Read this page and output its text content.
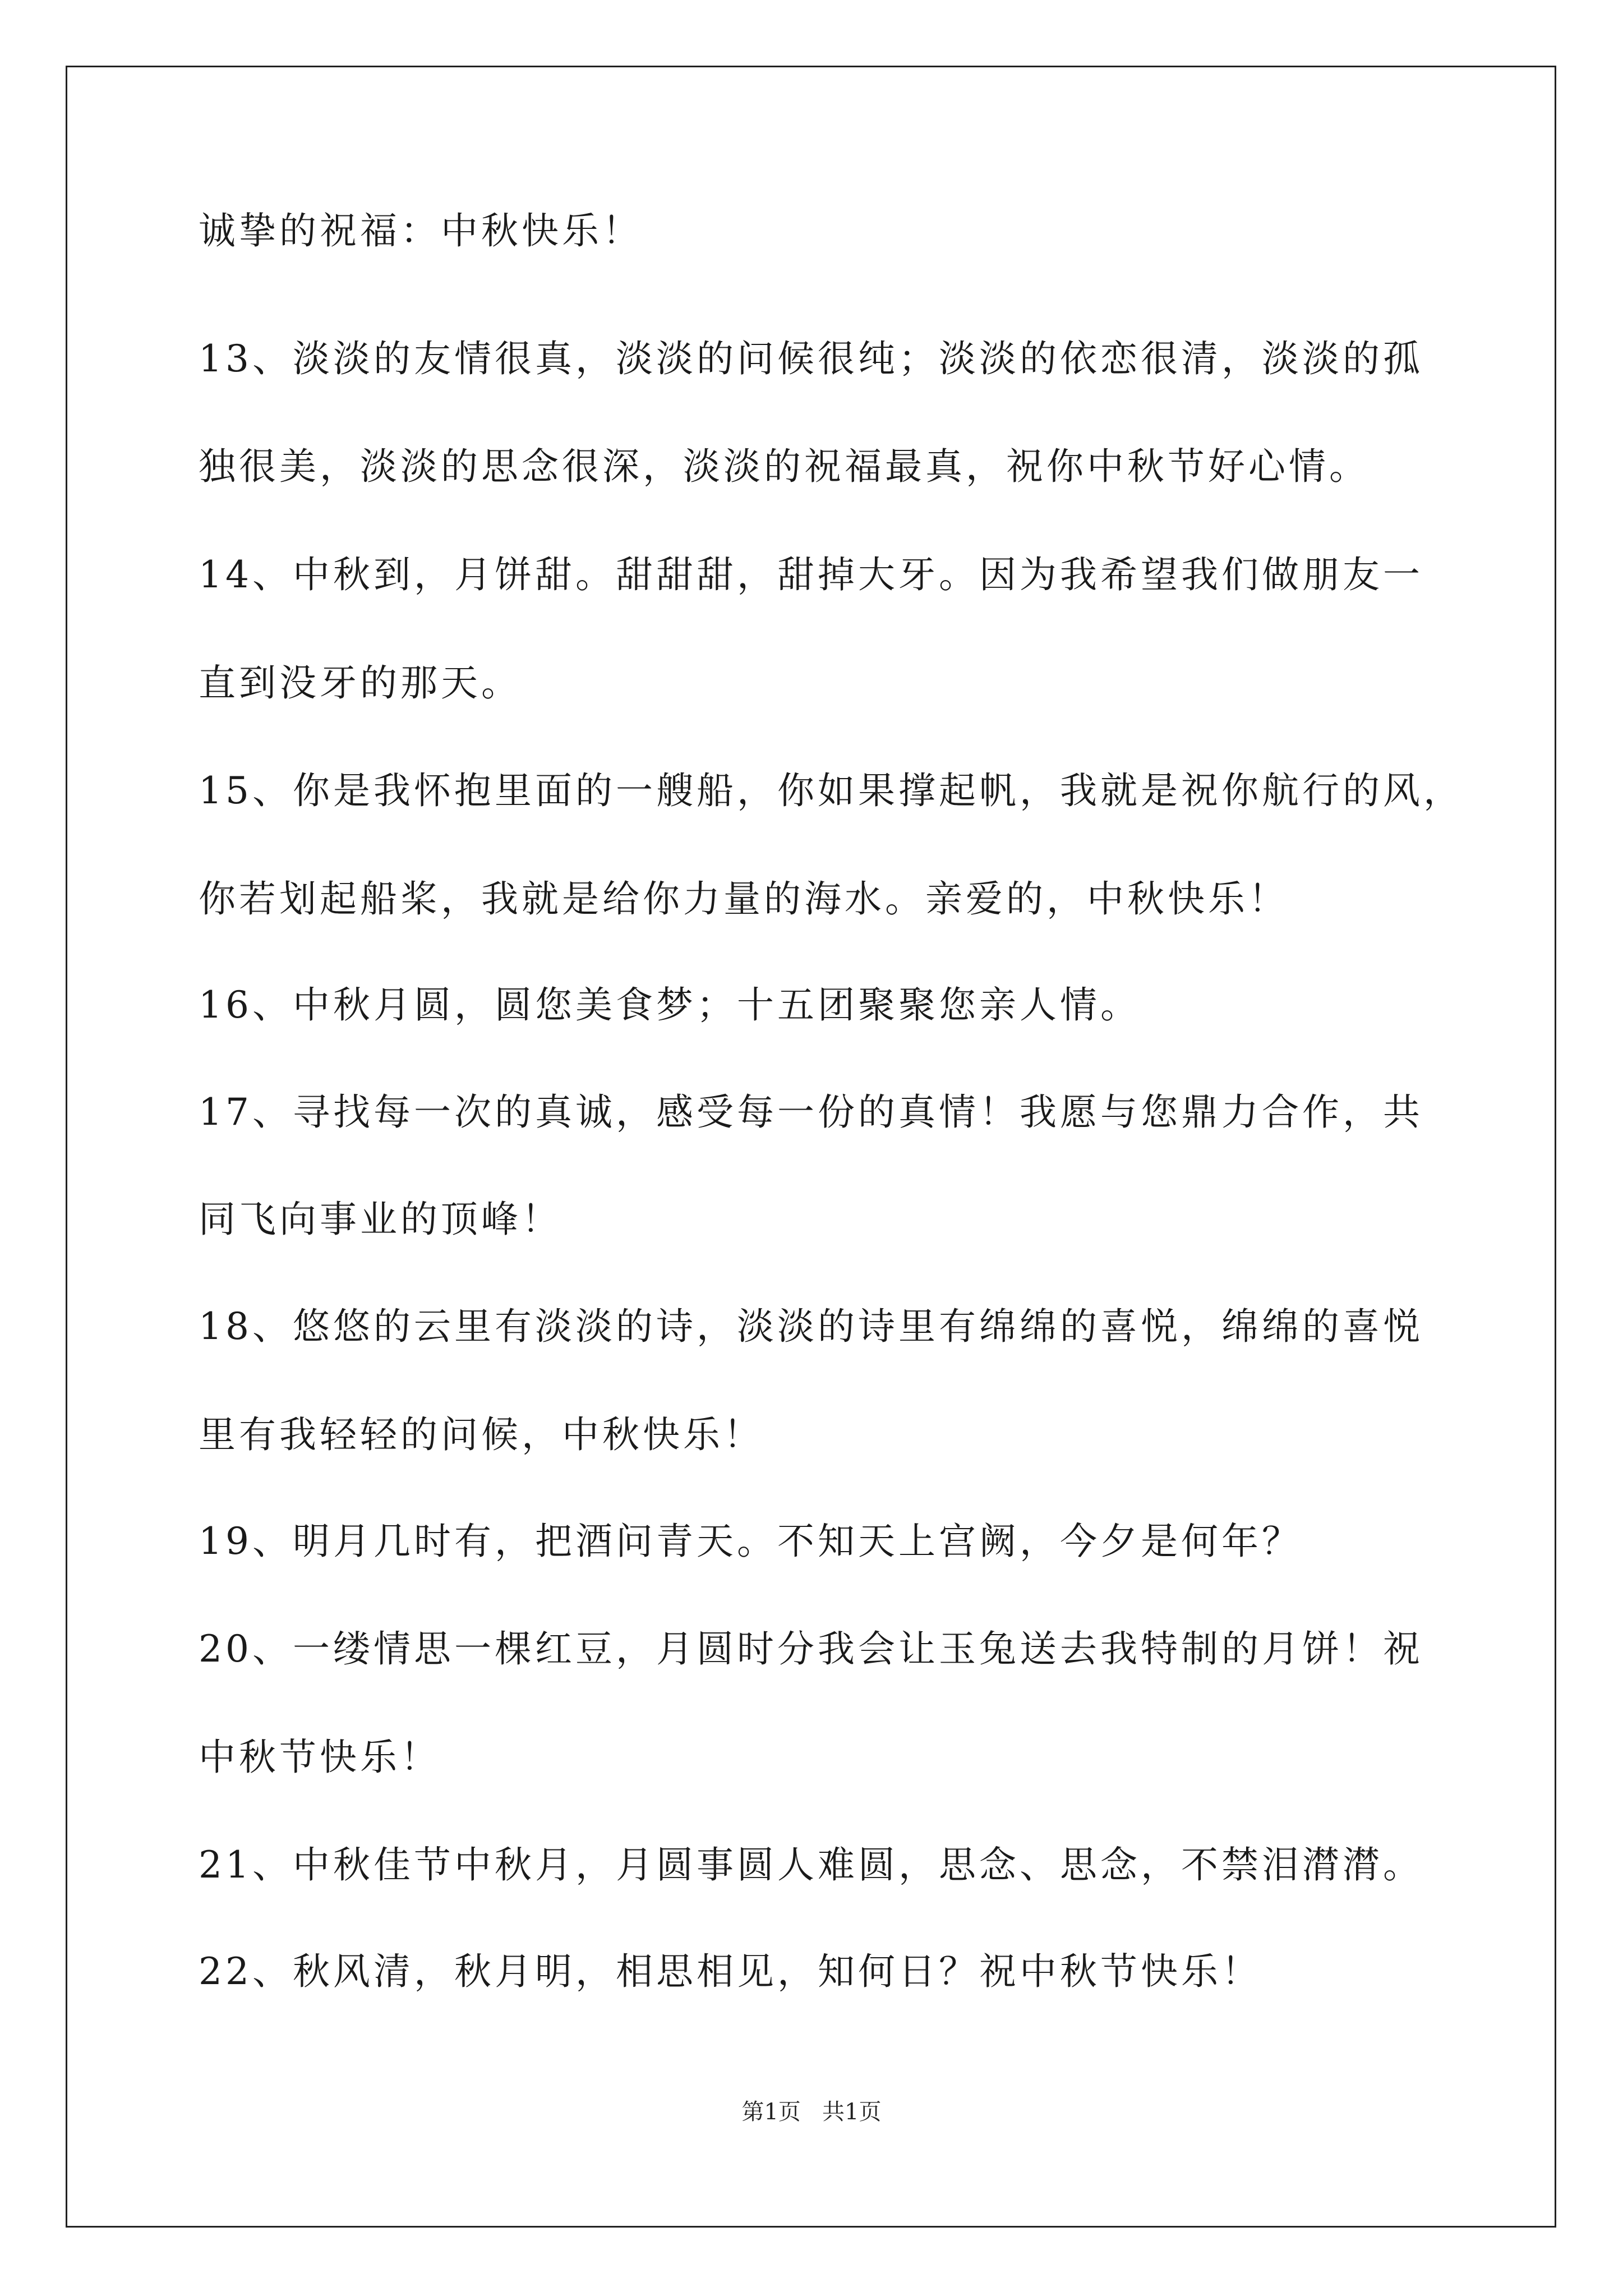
诚挚的祝福：中秋快乐！
13、淡淡的友情很真，淡淡的问候很纯；淡淡的依恋很清，淡淡的孤
独很美，淡淡的思念很深，淡淡的祝福最真，祝你中秋节好心情。
14、中秋到，月饼甜。甜甜甜，甜掉大牙。因为我希望我们做朋友一
直到没牙的那天。
15、你是我怀抱里面的一艘船，你如果撑起帆，我就是祝你航行的风，
你若划起船桨，我就是给你力量的海水。亲爱的，中秋快乐！
16、中秋月圆，圆您美食梦；十五团聚聚您亲人情。
17、寻找每一次的真诚，感受每一份的真情！我愿与您鼎力合作，共
同飞向事业的顶峰！
18、悠悠的云里有淡淡的诗，淡淡的诗里有绵绵的喜悦，绵绵的喜悦
里有我轻轻的问候，中秋快乐！
19、明月几时有，把酒问青天。不知天上宫阙，今夕是何年？
20、一缕情思一棵红豆，月圆时分我会让玉兔送去我特制的月饼！祝
中秋节快乐！
21、中秋佳节中秋月，月圆事圆人难圆，思念、思念，不禁泪潸潸。
22、秋风清，秋月明，相思相见，知何日？祝中秋节快乐！
第1页   共1页
